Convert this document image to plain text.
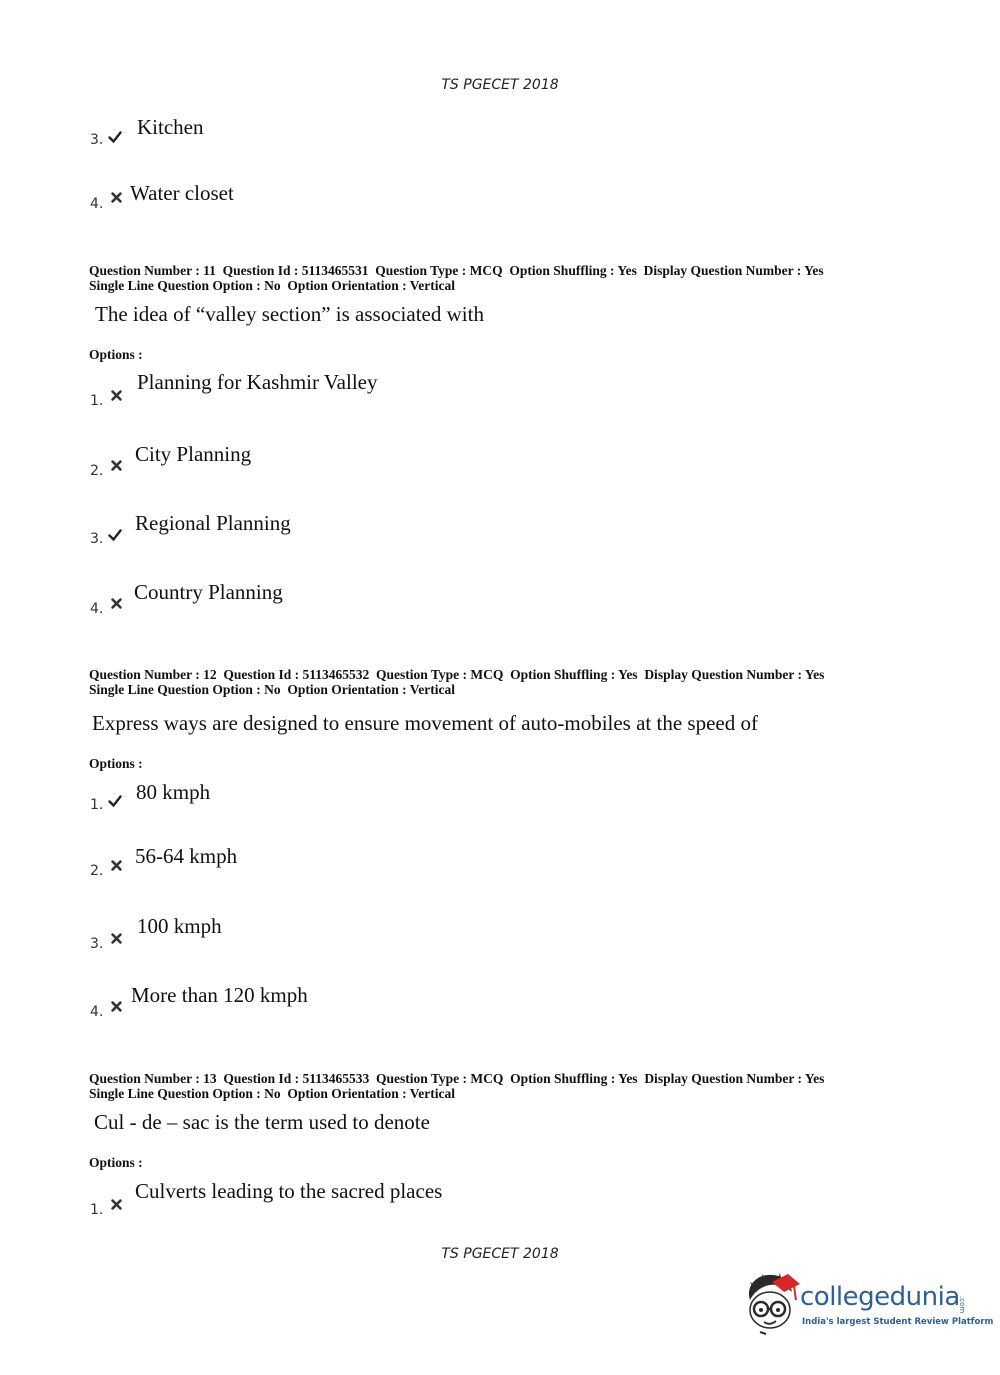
TS PGECET 2018
3.
Kitchen
4. Water closet
Question Number : 11  Question Id : 5113465531  Question Type : MCQ  Option Shuffling : Yes  Display Question Number : Yes
Single Line Question Option : No  Option Orientation : Vertical
The idea of “valley section” is associated with
Options :
1.
Planning for Kashmir Valley
2.
City Planning
3.
Regional Planning
4.
Country Planning
Question Number : 12  Question Id : 5113465532  Question Type : MCQ  Option Shuffling : Yes  Display Question Number : Yes
Single Line Question Option : No  Option Orientation : Vertical
Express ways are designed to ensure movement of auto-mobiles at the speed of
Options :
1.
80 kmph
2.
56-64 kmph
3.
100 kmph
4.
More than 120 kmph
Question Number : 13  Question Id : 5113465533  Question Type : MCQ  Option Shuffling : Yes  Display Question Number : Yes
Single Line Question Option : No  Option Orientation : Vertical
Cul - de – sac is the term used to denote
Options :
1.
Culverts leading to the sacred places
TS PGECET 2018
collegedunia
.com
India's largest Student Review Platform
